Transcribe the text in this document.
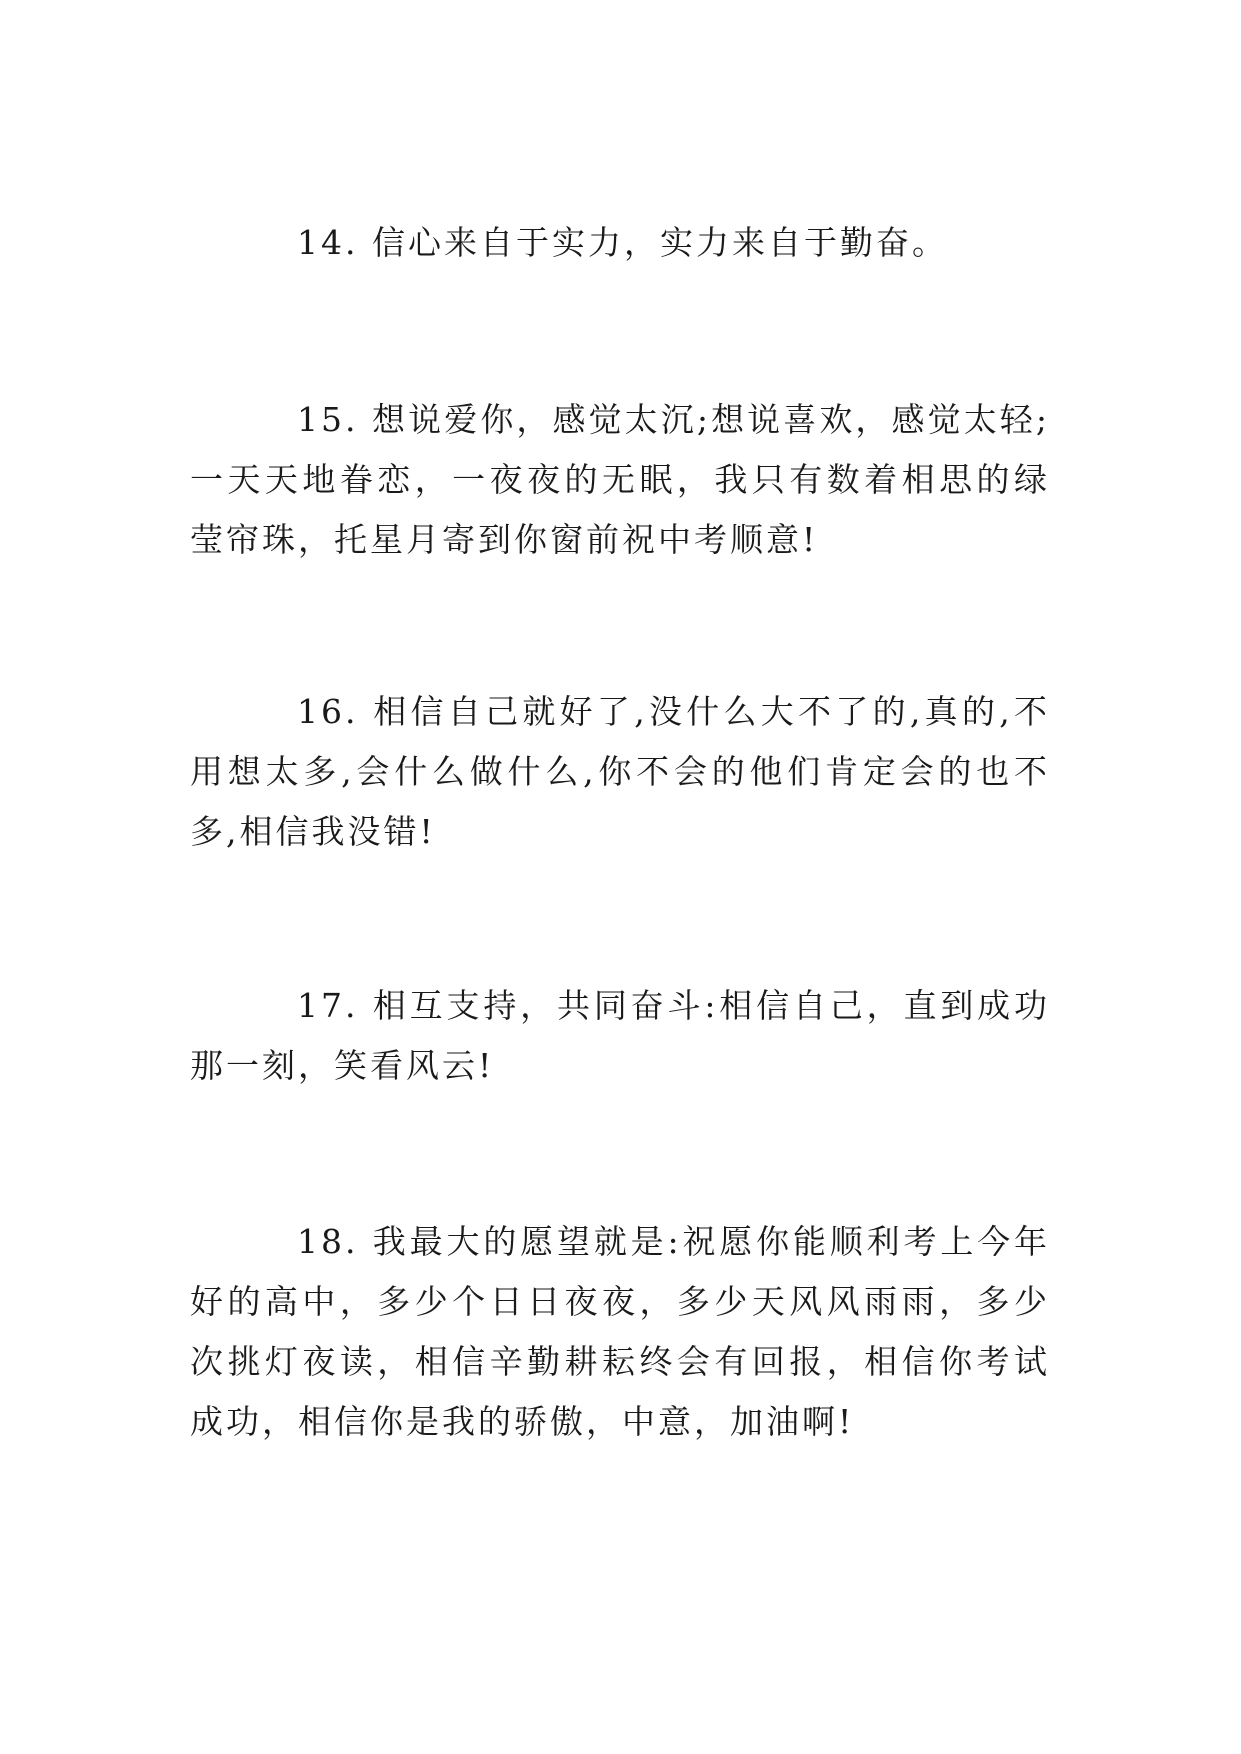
14. 信心来自于实力，实力来自于勤奋。

15. 想说爱你，感觉太沉;想说喜欢，感觉太轻;一天天地眷恋，一夜夜的无眠，我只有数着相思的绿莹帘珠，托星月寄到你窗前祝中考顺意!

16. 相信自己就好了,没什么大不了的,真的,不用想太多,会什么做什么,你不会的他们肯定会的也不多,相信我没错!

17. 相互支持，共同奋斗:相信自己，直到成功那一刻，笑看风云!

18. 我最大的愿望就是:祝愿你能顺利考上今年好的高中，多少个日日夜夜，多少天风风雨雨，多少次挑灯夜读，相信辛勤耕耘终会有回报，相信你考试成功，相信你是我的骄傲，中意，加油啊!
